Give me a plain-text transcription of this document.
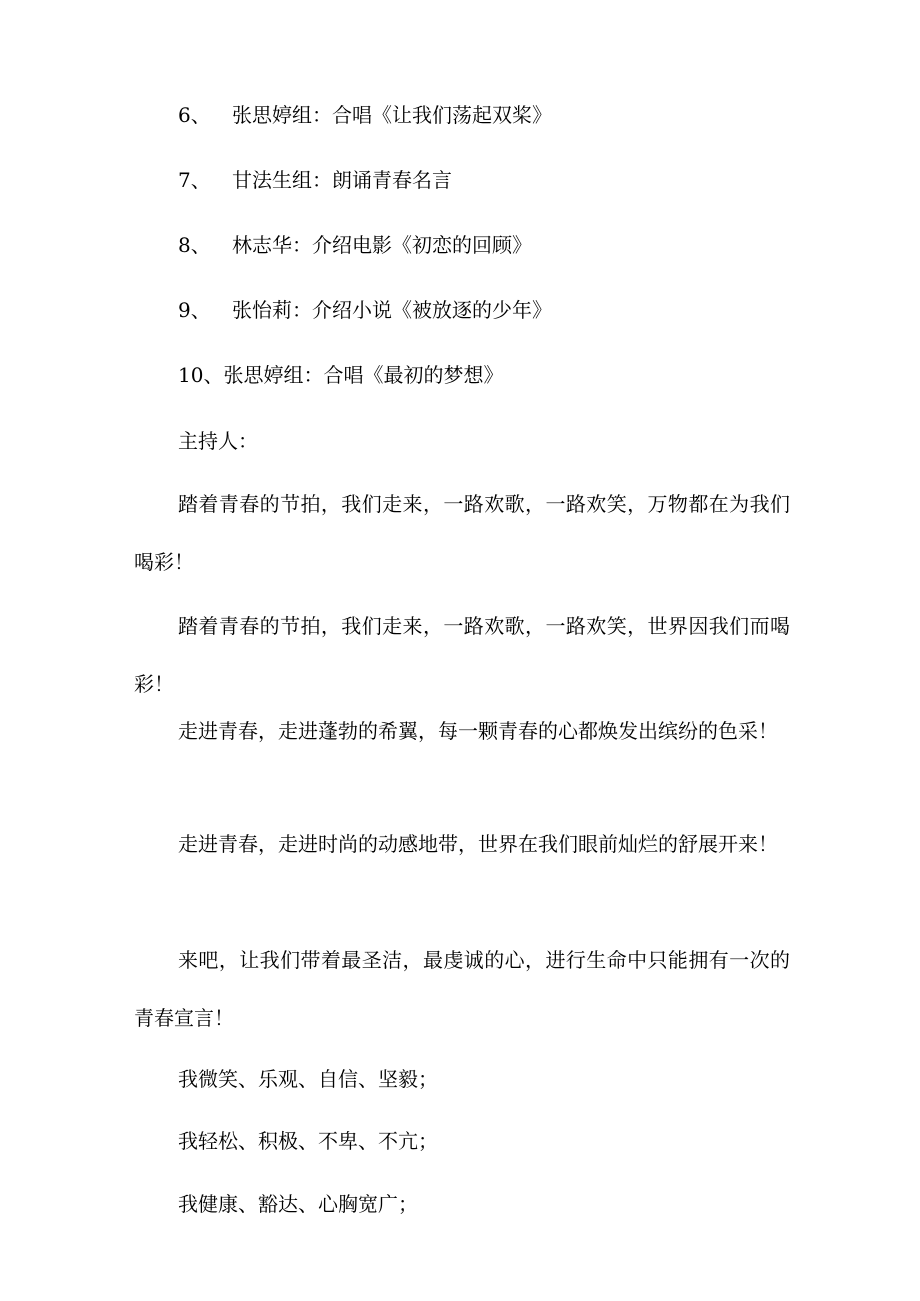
6、 张思婷组：合唱《让我们荡起双桨》
7、 甘法生组：朗诵青春名言
8、 林志华：介绍电影《初恋的回顾》
9、 张怡莉：介绍小说《被放逐的少年》
10、张思婷组：合唱《最初的梦想》
主持人：
踏着青春的节拍，我们走来，一路欢歌，一路欢笑，万物都在为我们喝彩！
踏着青春的节拍，我们走来，一路欢歌，一路欢笑，世界因我们而喝彩！
走进青春，走进蓬勃的希翼，每一颗青春的心都焕发出缤纷的色采！
走进青春，走进时尚的动感地带，世界在我们眼前灿烂的舒展开来！
来吧，让我们带着最圣洁，最虔诚的心，进行生命中只能拥有一次的青春宣言！
我微笑、乐观、自信、坚毅；
我轻松、积极、不卑、不亢；
我健康、豁达、心胸宽广；
